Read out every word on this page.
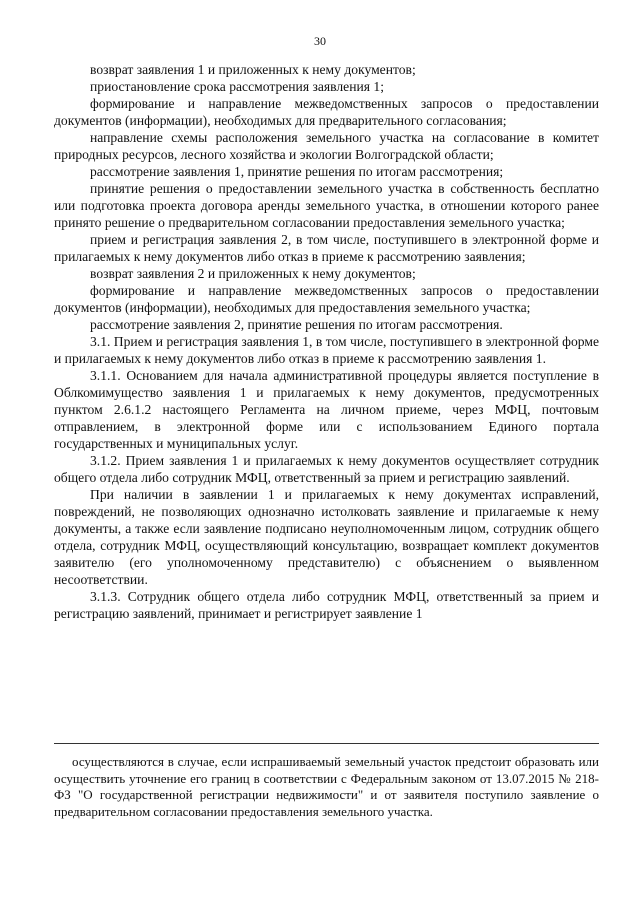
30

возврат заявления 1 и приложенных к нему документов;

приостановление срока рассмотрения заявления 1;

формирование и направление межведомственных запросов о предоставлении документов (информации), необходимых для предварительного согласования;

направление схемы расположения земельного участка на согласование в комитет природных ресурсов, лесного хозяйства и экологии Волгоградской области;

рассмотрение заявления 1, принятие решения по итогам рассмотрения;

принятие решения о предоставлении земельного участка в собственность бесплатно или подготовка проекта договора аренды земельного участка, в отношении которого ранее принято решение о предварительном согласовании предоставления земельного участка;

прием и регистрация заявления 2, в том числе, поступившего в электронной форме и прилагаемых к нему документов либо отказ в приеме к рассмотрению заявления;

возврат заявления 2 и приложенных к нему документов;

формирование и направление межведомственных запросов о предоставлении документов (информации), необходимых для предоставления земельного участка;

рассмотрение заявления 2, принятие решения по итогам рассмотрения.

3.1. Прием и регистрация заявления 1, в том числе, поступившего в электронной форме и прилагаемых к нему документов либо отказ в приеме к рассмотрению заявления 1.

3.1.1. Основанием для начала административной процедуры является поступление в Облкомимущество заявления 1 и прилагаемых к нему документов, предусмотренных пунктом 2.6.1.2 настоящего Регламента на личном приеме, через МФЦ, почтовым отправлением, в электронной форме или с использованием Единого портала государственных и муниципальных услуг.

3.1.2. Прием заявления 1 и прилагаемых к нему документов осуществляет сотрудник общего отдела либо сотрудник МФЦ, ответственный за прием и регистрацию заявлений.

При наличии в заявлении 1 и прилагаемых к нему документах исправлений, повреждений, не позволяющих однозначно истолковать заявление и прилагаемые к нему документы, а также если заявление подписано неуполномоченным лицом, сотрудник общего отдела, сотрудник МФЦ, осуществляющий консультацию, возвращает комплект документов заявителю (его уполномоченному представителю) с объяснением о выявленном несоответствии.

3.1.3. Сотрудник общего отдела либо сотрудник МФЦ, ответственный за прием и регистрацию заявлений, принимает и регистрирует заявление 1

осуществляются в случае, если испрашиваемый земельный участок предстоит образовать или осуществить уточнение его границ в соответствии с Федеральным законом от 13.07.2015 № 218-ФЗ "О государственной регистрации недвижимости" и от заявителя поступило заявление о предварительном согласовании предоставления земельного участка.
